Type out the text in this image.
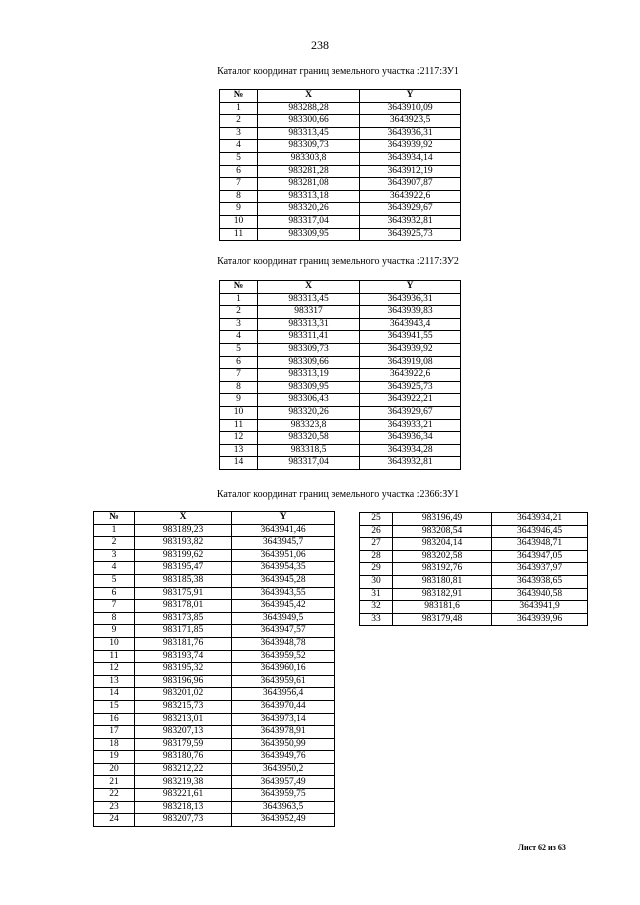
238
Каталог координат границ земельного участка :2117:ЗУ1
№	X	Y
1	983288,28	3643910,09
2	983300,66	3643923,5
3	983313,45	3643936,31
4	983309,73	3643939,92
5	983303,8	3643934,14
6	983281,28	3643912,19
7	983281,08	3643907,87
8	983313,18	3643922,6
9	983320,26	3643929,67
10	983317,04	3643932,81
11	983309,95	3643925,73
Каталог координат границ земельного участка :2117:ЗУ2
№	X	Y
1	983313,45	3643936,31
2	983317	3643939,83
3	983313,31	3643943,4
4	983311,41	3643941,55
5	983309,73	3643939,92
6	983309,66	3643919,08
7	983313,19	3643922,6
8	983309,95	3643925,73
9	983306,43	3643922,21
10	983320,26	3643929,67
11	983323,8	3643933,21
12	983320,58	3643936,34
13	983318,5	3643934,28
14	983317,04	3643932,81
Каталог координат границ земельного участка :2366:ЗУ1
№	X	Y
1	983189,23	3643941,46
2	983193,82	3643945,7
3	983199,62	3643951,06
4	983195,47	3643954,35
5	983185,38	3643945,28
6	983175,91	3643943,55
7	983178,01	3643945,42
8	983173,85	3643949,5
9	983171,85	3643947,57
10	983181,76	3643948,78
11	983193,74	3643959,52
12	983195,32	3643960,16
13	983196,96	3643959,61
14	983201,02	3643956,4
15	983215,73	3643970,44
16	983213,01	3643973,14
17	983207,13	3643978,91
18	983179,59	3643950,99
19	983180,76	3643949,76
20	983212,22	3643950,2
21	983219,38	3643957,49
22	983221,61	3643959,75
23	983218,13	3643963,5
24	983207,73	3643952,49
25	983196,49	3643934,21
26	983208,54	3643946,45
27	983204,14	3643948,71
28	983202,58	3643947,05
29	983192,76	3643937,97
30	983180,81	3643938,65
31	983182,91	3643940,58
32	983181,6	3643941,9
33	983179,48	3643939,96
Лист 62 из 63
